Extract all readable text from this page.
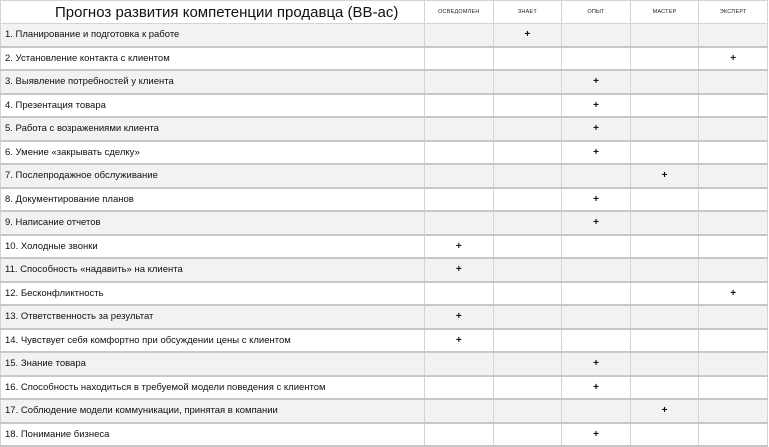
Прогноз развития компетенции продавца (ВВ-ас)	ОСВЕДОМЛЕН	ЗНАЕТ	ОПЫТ	МАСТЕР	ЭКСПЕРТ
1. Планирование и подготовка к работе		+			
2. Установление контакта с клиентом					+
3. Выявление потребностей у клиента			+		
4. Презентация товара			+		
5. Работа с возражениями клиента			+		
6. Умение «закрывать сделку»			+		
7. Послепродажное обслуживание				+	
8. Документирование планов			+		
9. Написание отчетов			+		
10. Холодные звонки	+				
11. Способность «надавить» на клиента	+				
12. Бесконфликтность					+
13. Ответственность за результат	+				
14. Чувствует себя комфортно при обсуждении цены с клиентом	+				
15. Знание товара			+		
16. Способность находиться в требуемой модели поведения с клиентом			+		
17. Соблюдение модели коммуникации, принятая в компании				+	
18. Понимание бизнеса			+		
